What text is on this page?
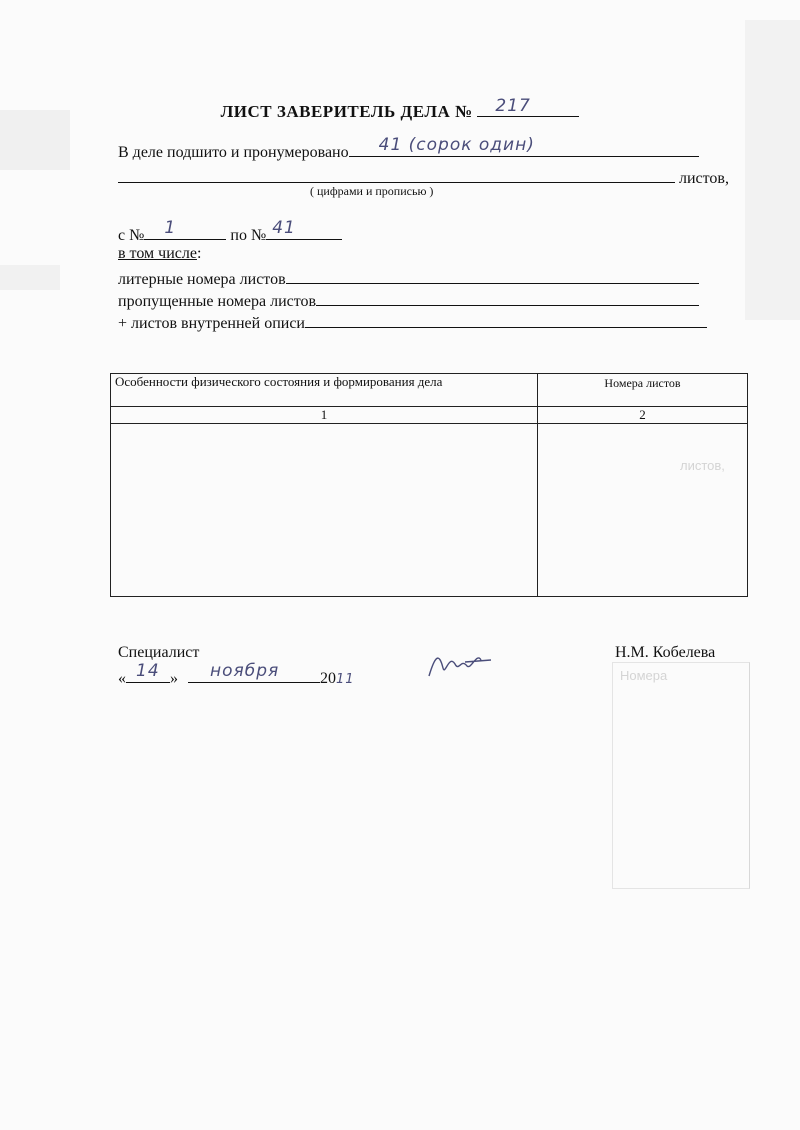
листов,
Номера
ЛИСТ ЗАВЕРИТЕЛЬ ДЕЛА № 217
В деле подшито и пронумеровано 41 (сорок один)
листов,
( цифрами и прописью )
с № 1	по № 41
в том числе:
литерные номера листов
пропущенные номера листов
+ листов внутренней описи
Особенности физического состояния и формирования дела	Номера листов
1	2

Специалист	Н.М. Кобелева
« 14 » ноября	2011
